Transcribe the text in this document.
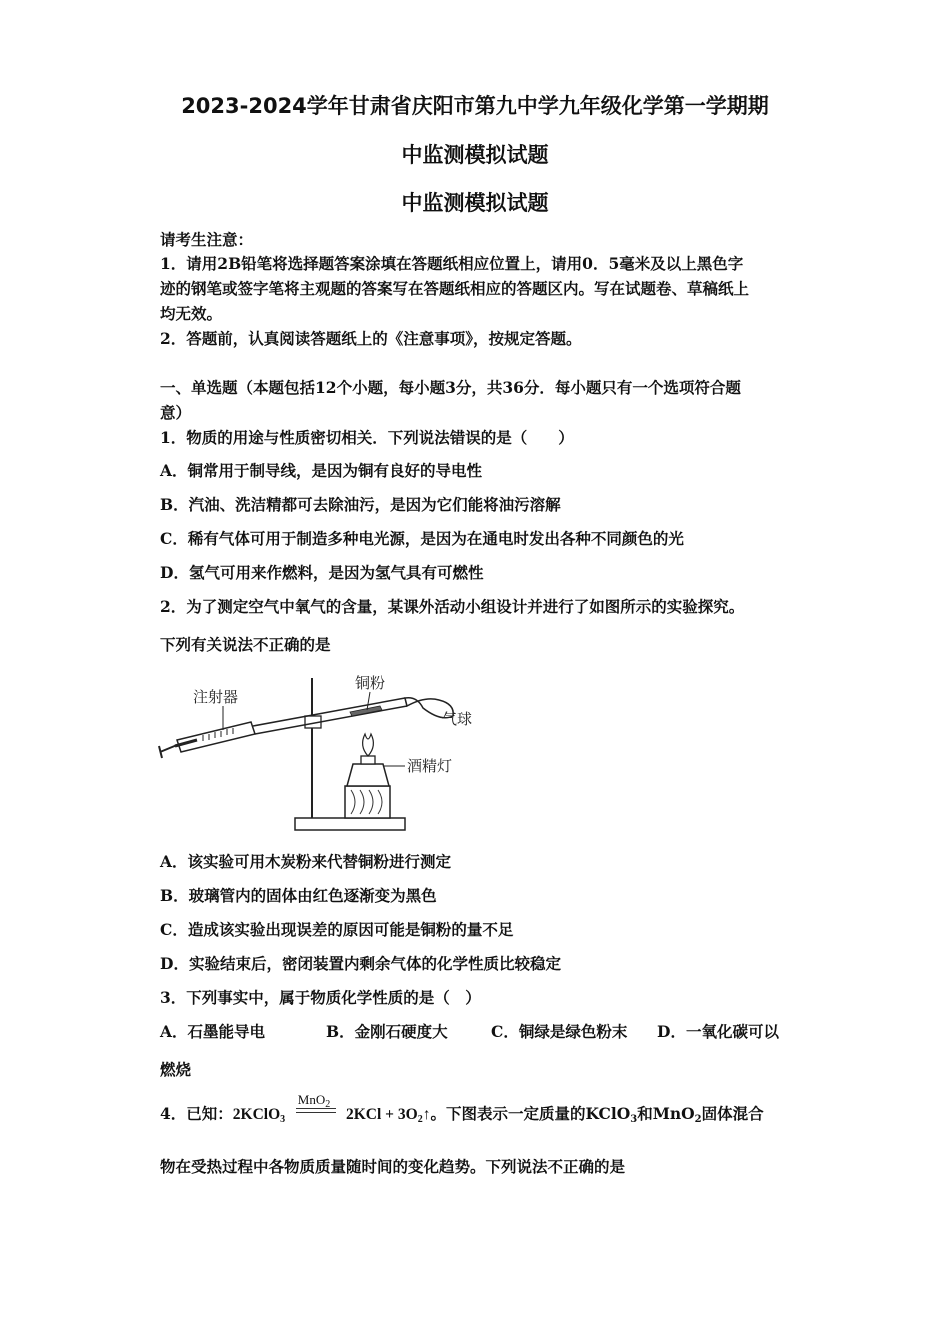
2023-2024学年甘肃省庆阳市第九中学九年级化学第一学期期
中监测模拟试题
中监测模拟试题
请考生注意：
1．请用2B铅笔将选择题答案涂填在答题纸相应位置上，请用0．5毫米及以上黑色字
迹的钢笔或签字笔将主观题的答案写在答题纸相应的答题区内。写在试题卷、草稿纸上
均无效。
2．答题前，认真阅读答题纸上的《注意事项》，按规定答题。
一、单选题（本题包括12个小题，每小题3分，共36分．每小题只有一个选项符合题
意）
1．物质的用途与性质密切相关．下列说法错误的是（　　）
A．铜常用于制导线，是因为铜有良好的导电性
B．汽油、洗洁精都可去除油污，是因为它们能将油污溶解
C．稀有气体可用于制造多种电光源，是因为在通电时发出各种不同颜色的光
D．氢气可用来作燃料，是因为氢气具有可燃性
2．为了测定空气中氧气的含量，某课外活动小组设计并进行了如图所示的实验探究。
下列有关说法不正确的是
注射器
铜粉
气球
酒精灯
A．该实验可用木炭粉来代替铜粉进行测定
B．玻璃管内的固体由红色逐渐变为黑色
C．造成该实验出现误差的原因可能是铜粉的量不足
D．实验结束后，密闭装置内剩余气体的化学性质比较稳定
3．下列事实中，属于物质化学性质的是（　）
A．石墨能导电	B．金刚石硬度大	C．铜绿是绿色粉末 D．一氧化碳可以
燃烧
4．已知：2KClO$_3$
MnO$_2$
$2KCl + 3O_2↑$。下图表示一定质量的KClO$_3$和MnO$_2$固体混合
物在受热过程中各物质质量随时间的变化趋势。下列说法不正确的是
